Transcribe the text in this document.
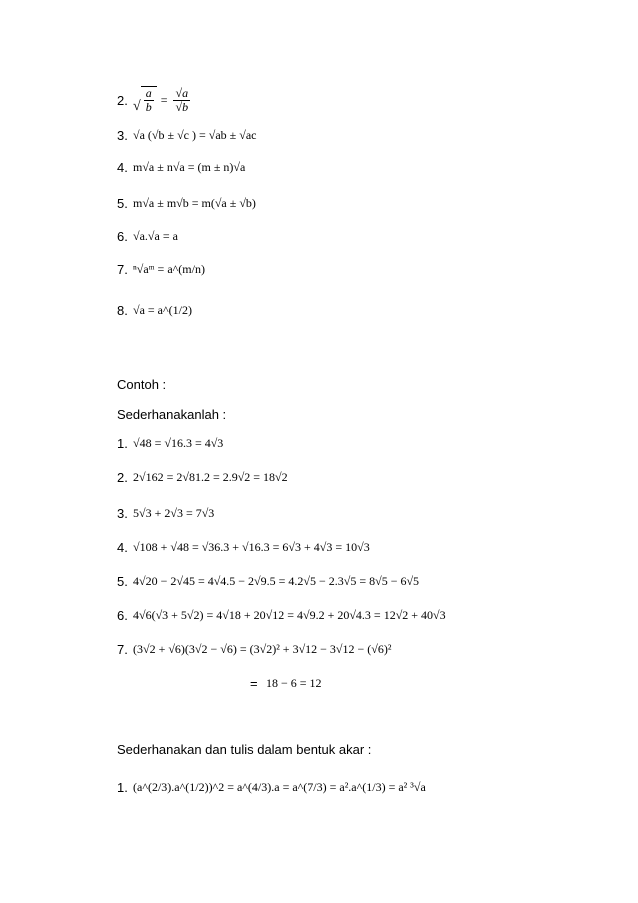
2. √ $\frac{a}{b} = \frac{√a}{√b}$
3. √a (√b ± √c ) = √ab ± √ac
4. m√a ± n√a = (m ± n)√a
5. m√a ± m√b = m(√a ± √b)
6. √a.√a = a
7. ⁿ√aᵐ = a^(m/n)
8. √a = a^(1/2)
Contoh :
Sederhanakanlah :
1. √48 = √16.3 = 4√3
2. 2√162 = 2√81.2 = 2.9√2 = 18√2
3. 5√3 + 2√3 = 7√3
4. √108 + √48 = √36.3 + √16.3 = 6√3 + 4√3 = 10√3
5. 4√20 − 2√45 = 4√4.5 − 2√9.5 = 4.2√5 − 2.3√5 = 8√5 − 6√5
6. 4√6(√3 + 5√2) = 4√18 + 20√12 = 4√9.2 + 20√4.3 = 12√2 + 40√3
7. (3√2 + √6)(3√2 − √6) = (3√2)² + 3√12 − 3√12 − (√6)²
= 18 − 6 = 12
Sederhanakan dan tulis dalam bentuk akar :
1. (a^(2/3).a^(1/2))^2 = a^(4/3).a = a^(7/3) = a².a^(1/3) = a² ³√a
